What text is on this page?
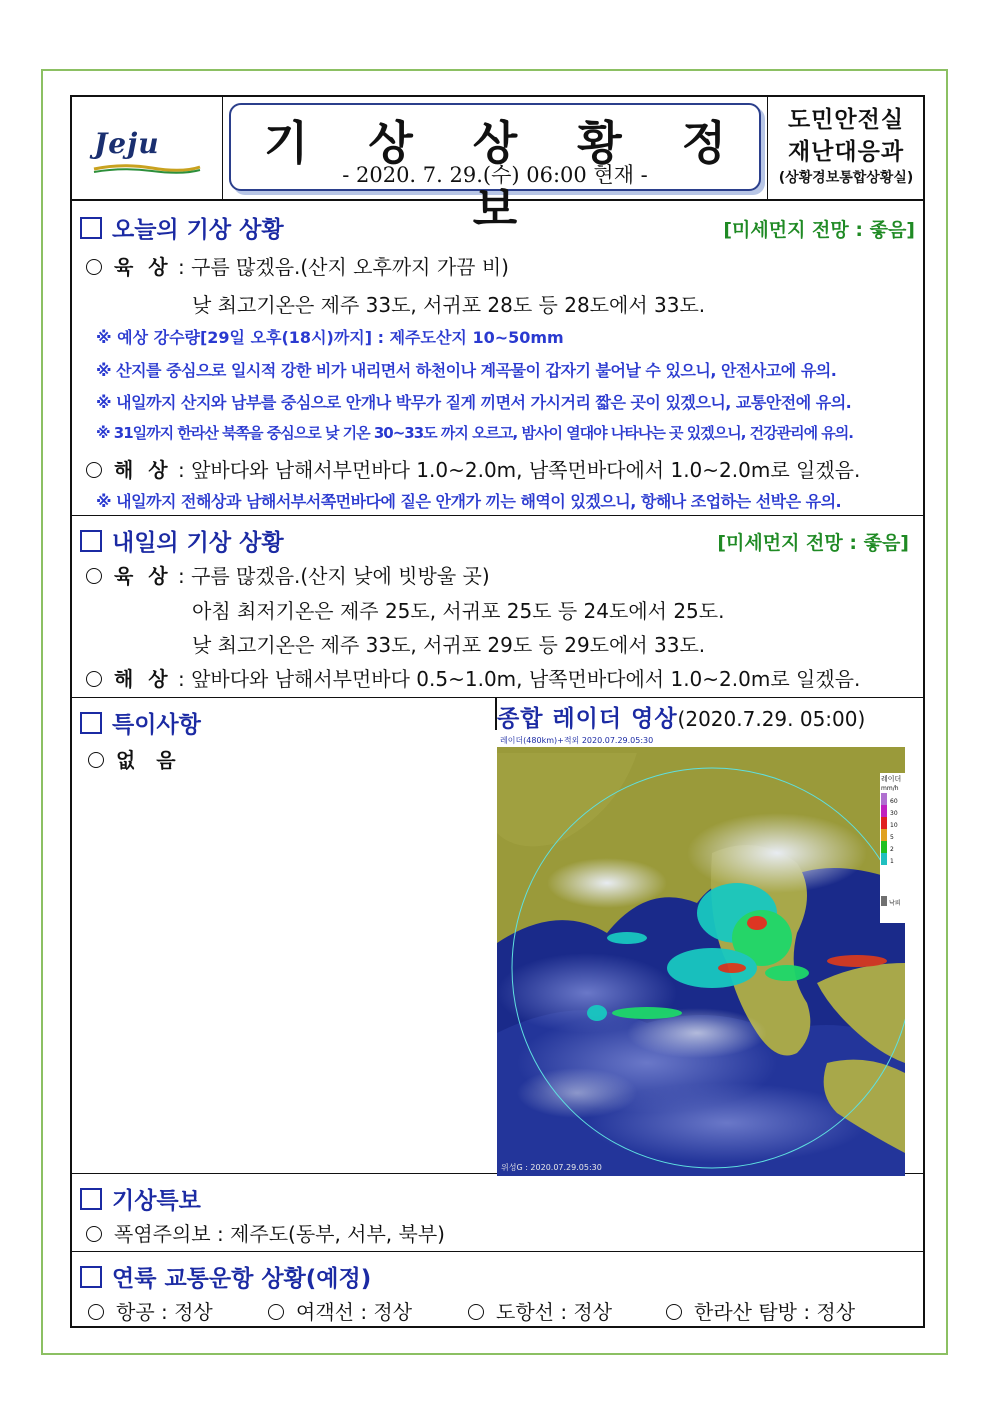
Jeju	기 상 상 황 정 보
- 2020. 7. 29.(수) 06:00 현재 -
도민안전실
재난대응과
(상황경보통합상황실)
오늘의 기상 상황	[미세먼지 전망 : 좋음]
육 상 : 구름 많겠음.(산지 오후까지 가끔 비)
낮 최고기온은 제주 33도, 서귀포 28도 등 28도에서 33도.
※ 예상 강수량[29일 오후(18시)까지] : 제주도산지 10~50mm
※ 산지를 중심으로 일시적 강한 비가 내리면서 하천이나 계곡물이 갑자기 불어날 수 있으니, 안전사고에 유의.
※ 내일까지 산지와 남부를 중심으로 안개나 박무가 짙게 끼면서 가시거리 짧은 곳이 있겠으니, 교통안전에 유의.
※ 31일까지 한라산 북쪽을 중심으로 낮 기온 30~33도 까지 오르고, 밤사이 열대야 나타나는 곳 있겠으니, 건강관리에 유의.
해 상 : 앞바다와 남해서부먼바다 1.0~2.0m, 남쪽먼바다에서 1.0~2.0m로 일겠음.
※ 내일까지 전해상과 남해서부서쪽먼바다에 짙은 안개가 끼는 해역이 있겠으니, 항해나 조업하는 선박은 유의.
내일의 기상 상황	[미세먼지 전망 : 좋음]
육 상 : 구름 많겠음.(산지 낮에 빗방울 곳)
아침 최저기온은 제주 25도, 서귀포 25도 등 24도에서 25도.
낮 최고기온은 제주 33도, 서귀포 29도 등 29도에서 33도.
해 상 : 앞바다와 남해서부먼바다 0.5~1.0m, 남쪽먼바다에서 1.0~2.0m로 일겠음.
특이사항
없   음
종합 레이더 영상(2020.7.29. 05:00)
레이더(480km)+적외 2020.07.29.05:30
레이더
mm/h
60
30
10
5
2
1
낙뢰
위성G : 2020.07.29.05:30
기상특보
폭염주의보 : 제주도(동부, 서부, 북부)
연륙 교통운항 상황(예정)
항공 : 정상	여객선 : 정상	도항선 : 정상	한라산 탐방 : 정상
